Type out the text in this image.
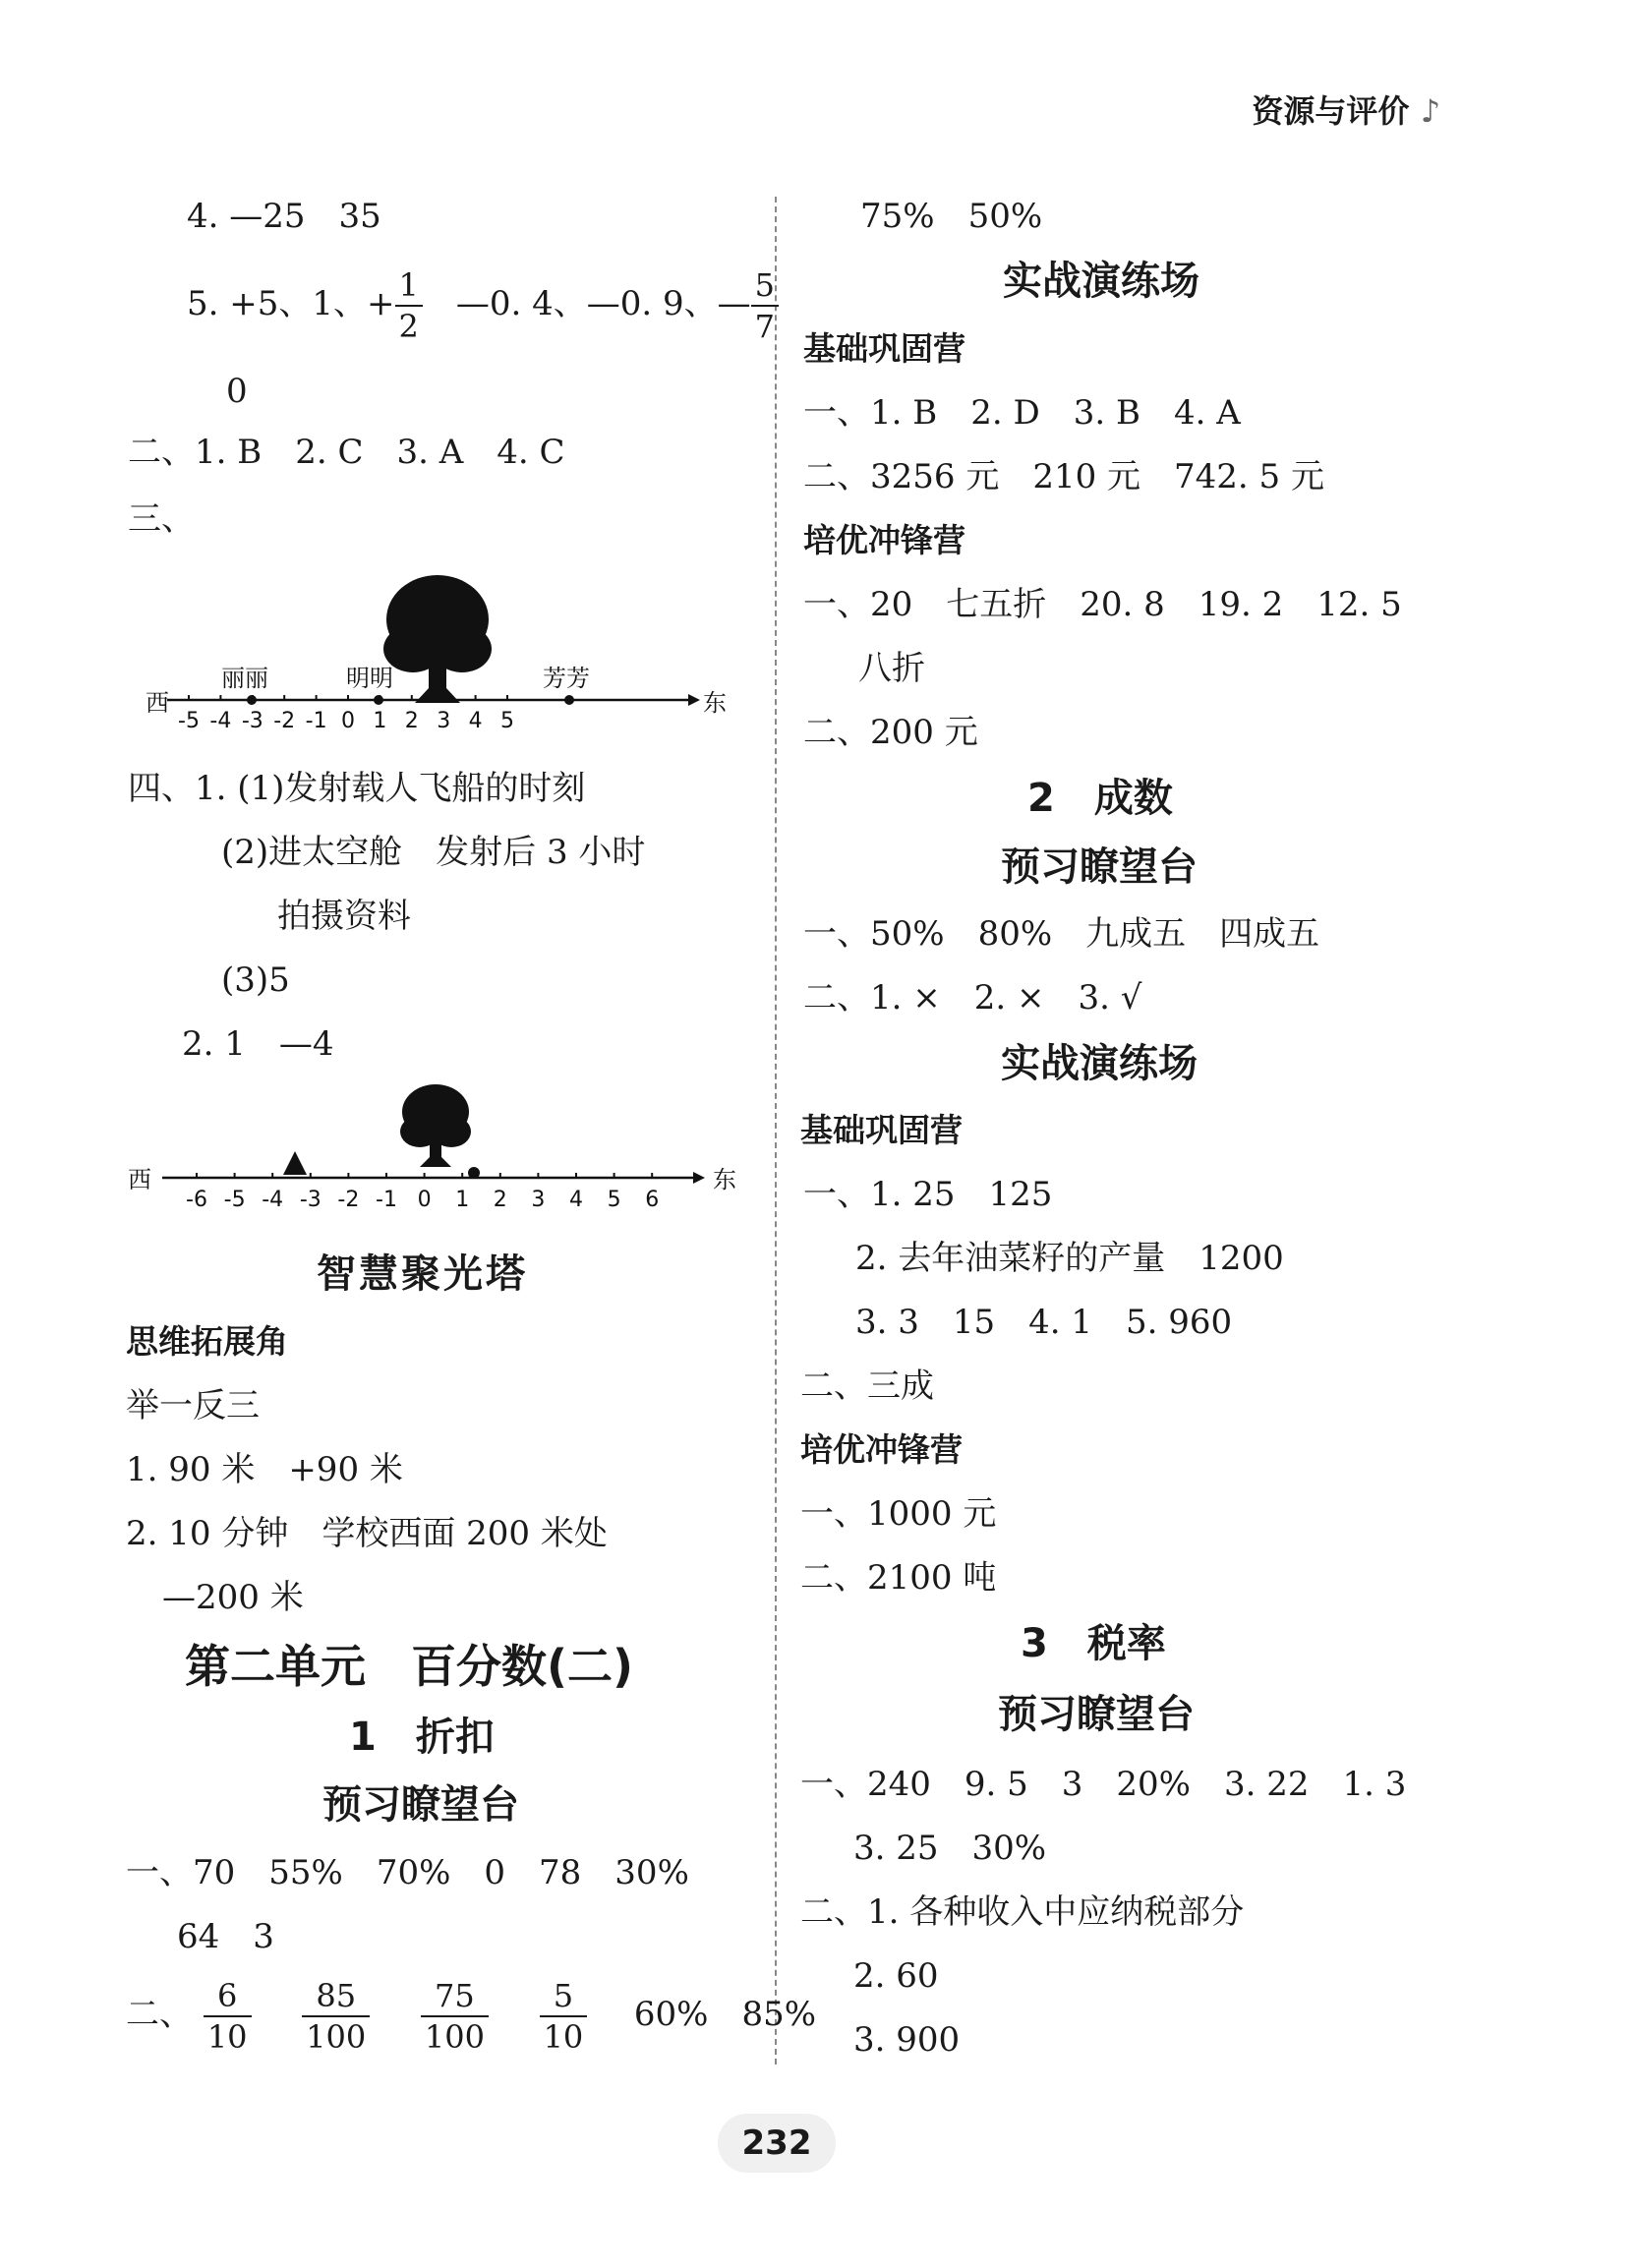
资源与评价 ♪
4. —25　35
5. +5、1、+ $\frac{1}{2}$ 　—0. 4、—0. 9、— $\frac{5}{7}$
0
二、1. B　2. C　3. A　4. C
三、
西	东
-5 -4 -3 -2 -1 0 1 2 3 4 5
丽丽	明明	芳芳
四、1. (1)发射载人飞船的时刻
(2)进太空舱　发射后 3 小时
拍摄资料
(3)5
2. 1　—4
西	东
-6 -5 -4 -3 -2 -1 0 1 2 3 4 5 6
智慧聚光塔
思维拓展角
举一反三
1. 90 米　+90 米
2. 10 分钟　学校西面 200 米处
—200 米
第二单元　百分数(二)
1　折扣
预习瞭望台
一、70　55%　70%　0　78　30%
64　3
二、 $\frac{6}{10}$
$\frac{85}{100}$
$\frac{75}{100}$
$\frac{5}{10} 60\%$　85%
75%　50%
实战演练场
基础巩固营
一、1. B　2. D　3. B　4. A
二、3256 元　210 元　742. 5 元
培优冲锋营
一、20　七五折　20. 8　19. 2　12. 5
八折
二、200 元
2　成数
预习瞭望台
一、50%　80%　九成五　四成五
二、1. ×　2. ×　3. √
实战演练场
基础巩固营
一、1. 25　125
2. 去年油菜籽的产量　1200
3. 3　15　4. 1　5. 960
二、三成
培优冲锋营
一、1000 元
二、2100 吨
3　税率
预习瞭望台
一、240　9. 5　3　20%　3. 22　1. 3
3. 25　30%
二、1. 各种收入中应纳税部分
2. 60
3. 900
232
